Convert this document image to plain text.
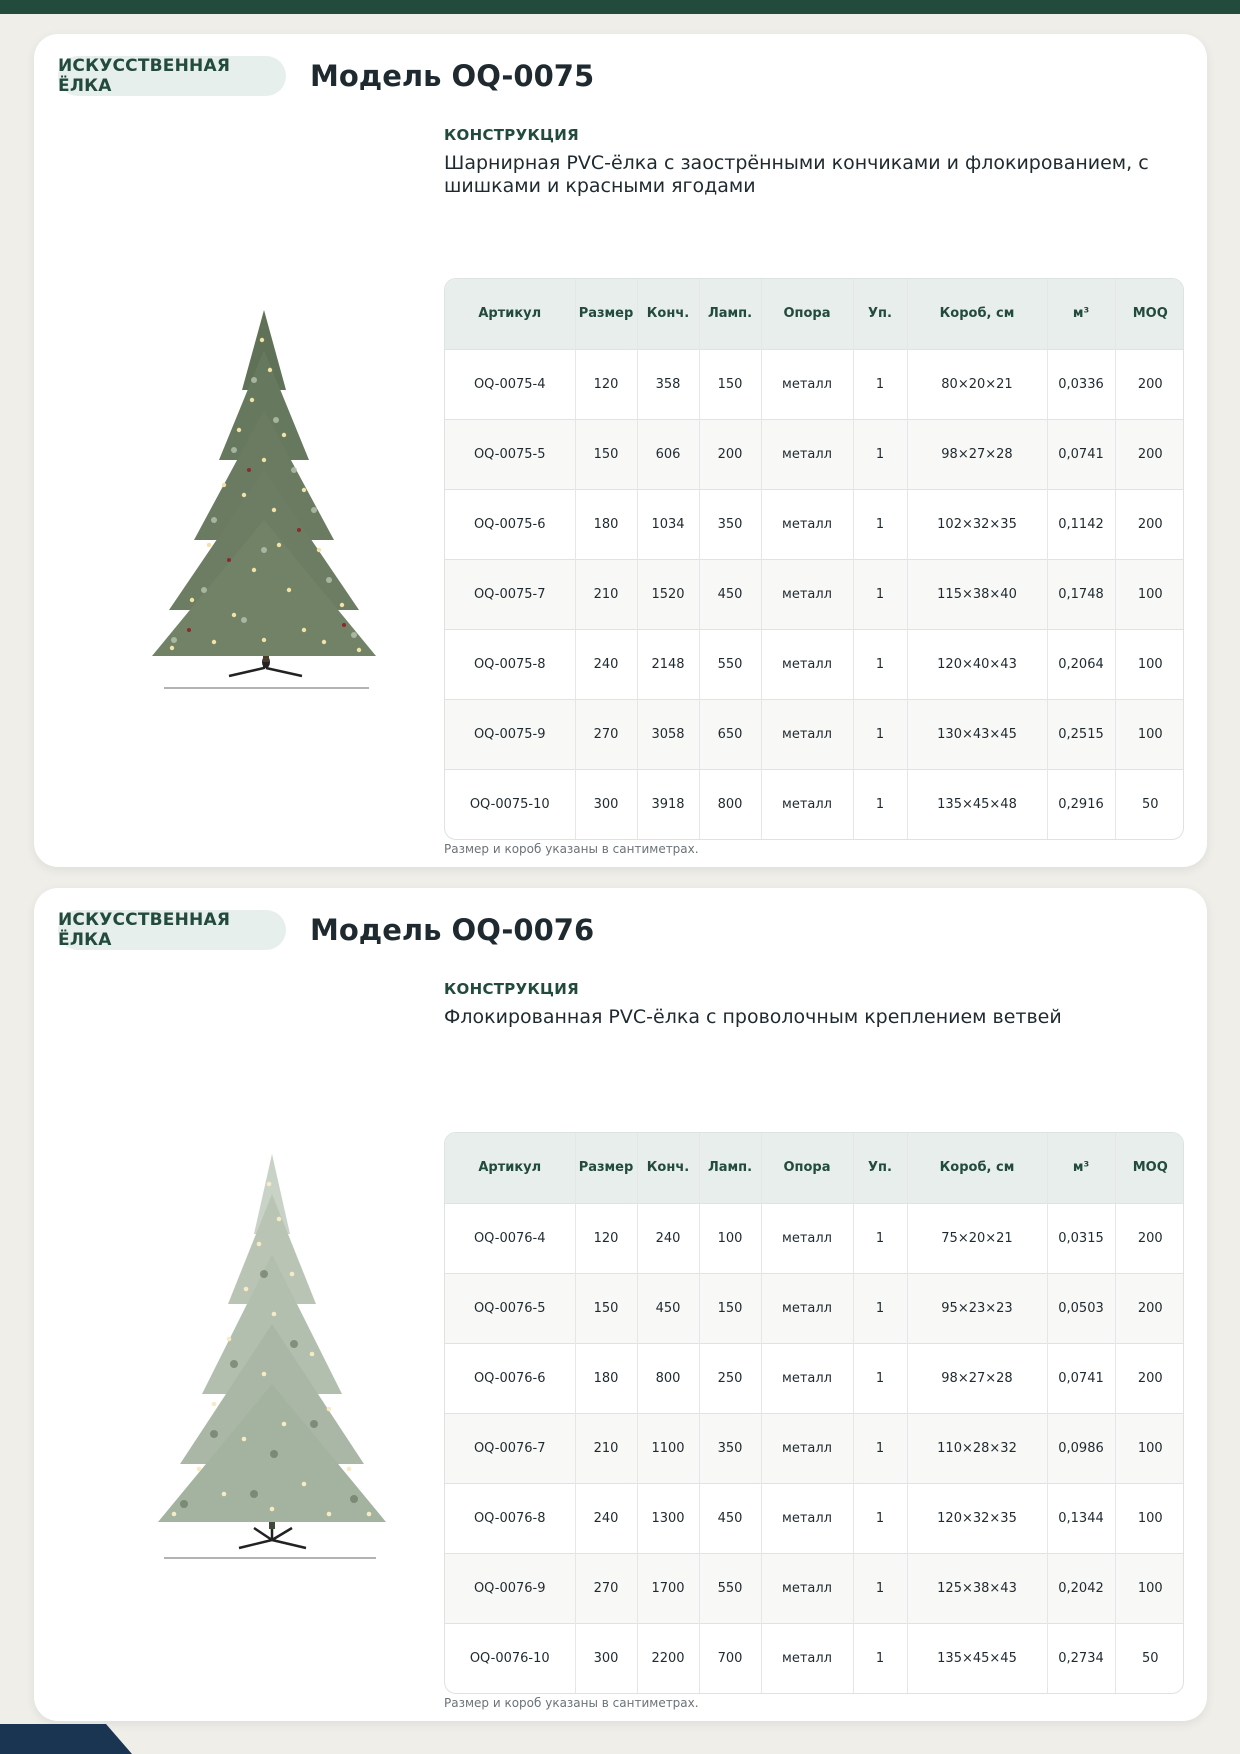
ИСКУССТВЕННАЯ ЁЛКА	Модель OQ-0075
КОНСТРУКЦИЯ
Шарнирная PVC-ёлка с заострёнными кончиками и флокированием, с шишками и красными ягодами
Артикул	Размер	Конч.	Ламп.	Опора	Уп.	Короб, см	м³	MOQ
OQ-0075-4	120	358	150	металл	1	80×20×21	0,0336	200
OQ-0075-5	150	606	200	металл	1	98×27×28	0,0741	200
OQ-0075-6	180	1034	350	металл	1	102×32×35	0,1142	200
OQ-0075-7	210	1520	450	металл	1	115×38×40	0,1748	100
OQ-0075-8	240	2148	550	металл	1	120×40×43	0,2064	100
OQ-0075-9	270	3058	650	металл	1	130×43×45	0,2515	100
OQ-0075-10	300	3918	800	металл	1	135×45×48	0,2916	50
Размер и короб указаны в сантиметрах.
ИСКУССТВЕННАЯ ЁЛКА	Модель OQ-0076
КОНСТРУКЦИЯ
Флокированная PVC-ёлка с проволочным креплением ветвей
Артикул	Размер	Конч.	Ламп.	Опора	Уп.	Короб, см	м³	MOQ
OQ-0076-4	120	240	100	металл	1	75×20×21	0,0315	200
OQ-0076-5	150	450	150	металл	1	95×23×23	0,0503	200
OQ-0076-6	180	800	250	металл	1	98×27×28	0,0741	200
OQ-0076-7	210	1100	350	металл	1	110×28×32	0,0986	100
OQ-0076-8	240	1300	450	металл	1	120×32×35	0,1344	100
OQ-0076-9	270	1700	550	металл	1	125×38×43	0,2042	100
OQ-0076-10	300	2200	700	металл	1	135×45×45	0,2734	50
Размер и короб указаны в сантиметрах.
